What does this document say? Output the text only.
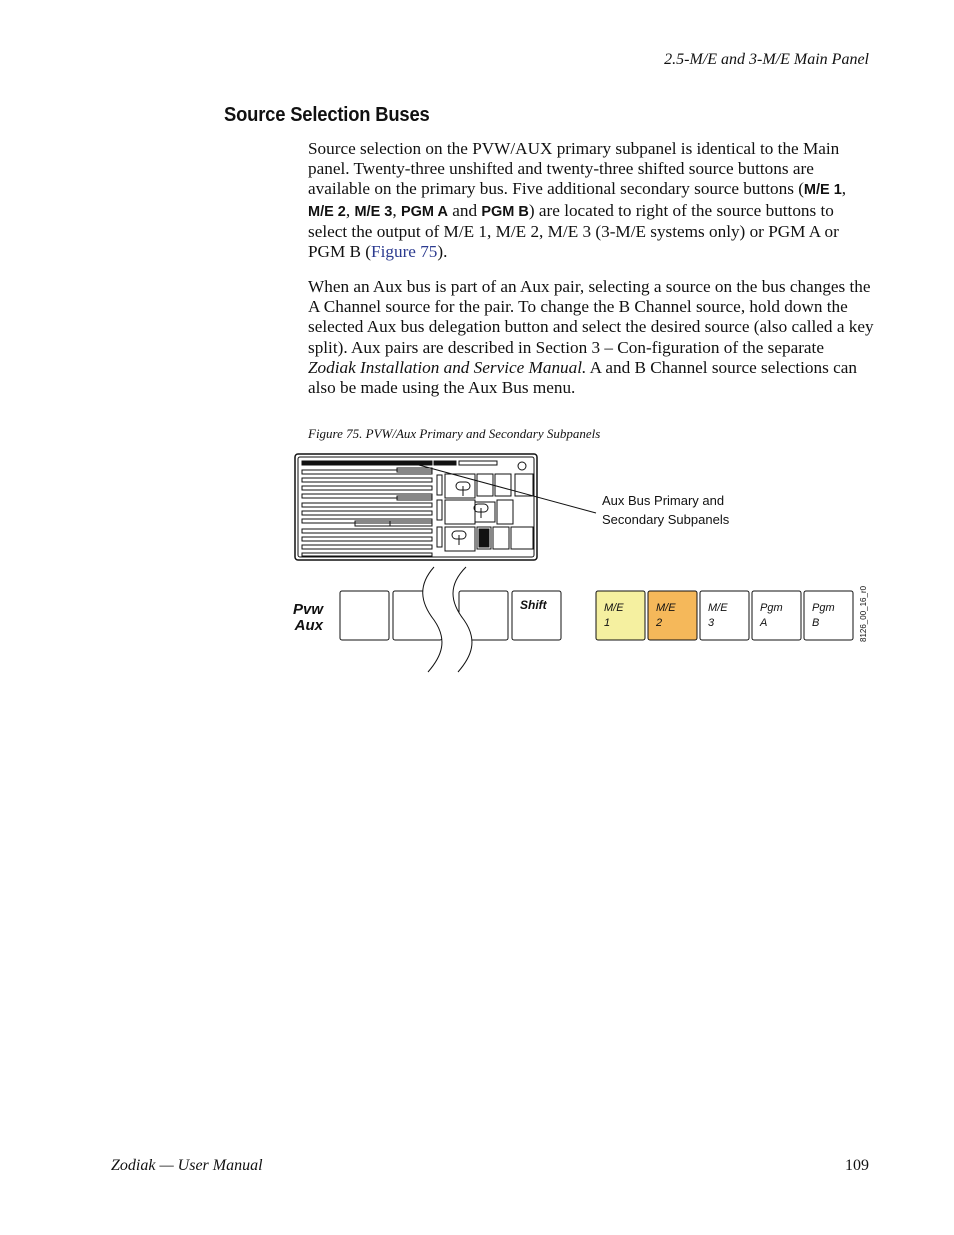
2.5-M/E and 3-M/E Main Panel
Source Selection Buses
Source selection on the PVW/AUX primary subpanel is identical to the Main panel. Twenty-three unshifted and twenty-three shifted source buttons are available on the primary bus. Five additional secondary source buttons (M/E 1, M/E 2, M/E 3, PGM A and PGM B) are located to right of the source buttons to select the output of M/E 1, M/E 2, M/E 3 (3-M/E systems only) or PGM A or PGM B (Figure 75).
When an Aux bus is part of an Aux pair, selecting a source on the bus changes the A Channel source for the pair. To change the B Channel source, hold down the selected Aux bus delegation button and select the desired source (also called a key split). Aux pairs are described in Section 3 – Con-figuration of the separate Zodiak Installation and Service Manual. A and B Channel source selections can also be made using the Aux Bus menu.
Figure 75. PVW/Aux Primary and Secondary Subpanels
Aux Bus Primary and
Secondary Subpanels
Pvw
Aux
Shift	M/E
1
M/E
2
M/E
3
Pgm
A
Pgm
B	8126_00_16_r0
Zodiak — User Manual	109
